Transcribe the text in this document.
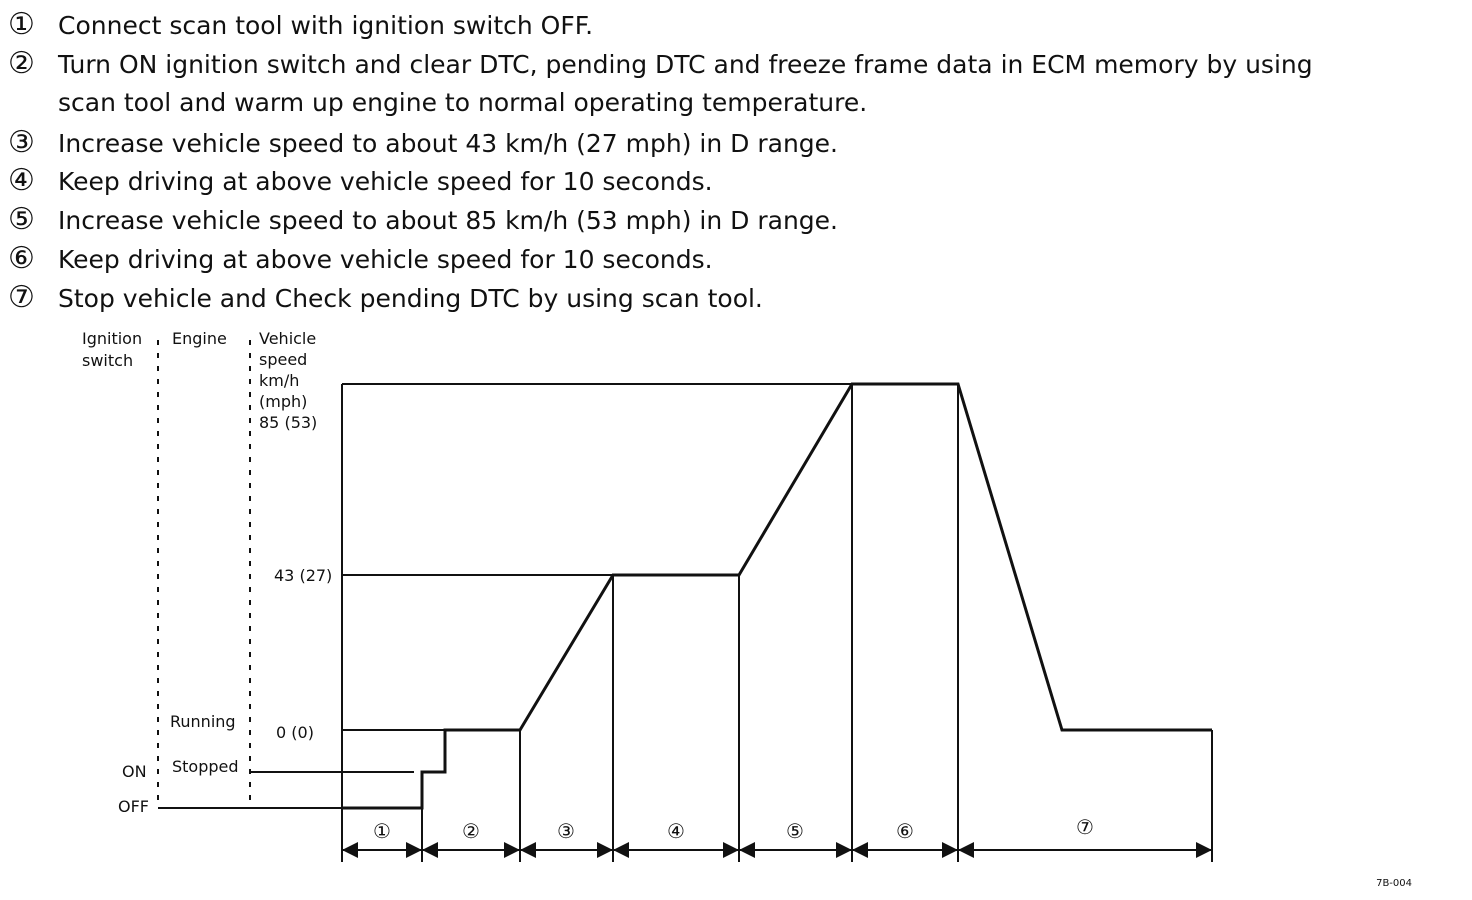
① Connect scan tool with ignition switch OFF.
② Turn ON ignition switch and clear DTC, pending DTC and freeze frame data in ECM memory by using
scan tool and warm up engine to normal operating temperature.
③ Increase vehicle speed to about 43 km/h (27 mph) in D range.
④ Keep driving at above vehicle speed for 10 seconds.
⑤ Increase vehicle speed to about 85 km/h (53 mph) in D range.
⑥ Keep driving at above vehicle speed for 10 seconds.
⑦ Stop vehicle and Check pending DTC by using scan tool.
Ignition
switch
Engine Vehicle
speed
km/h
(mph)
85 (53)
43 (27)
0 (0)
Running
Stopped
ON
OFF
①	②	③	④	⑤	⑥	⑦
7B-004
